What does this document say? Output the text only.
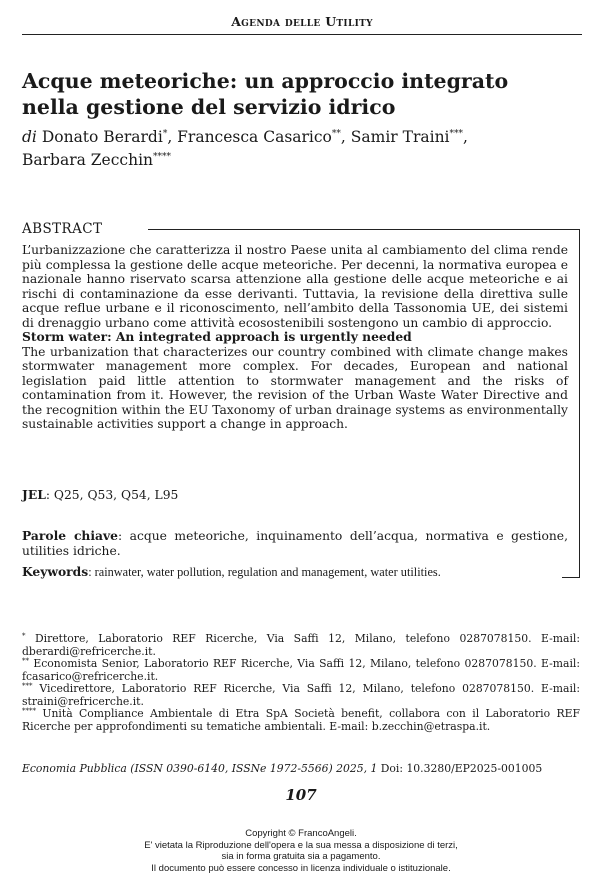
Agenda delle Utility
Acque meteoriche: un approccio integrato
nella gestione del servizio idrico
di Donato Berardi*, Francesca Casarico**, Samir Traini***,
Barbara Zecchin****
ABSTRACT

L’urbanizzazione che caratterizza il nostro Paese unita al cambiamento del clima rende più complessa la gestione delle acque meteoriche. Per decenni, la normativa europea e nazionale hanno riservato scarsa attenzione alla gestione delle acque meteoriche e ai rischi di contaminazione da esse derivanti. Tuttavia, la revisione della direttiva sulle acque reflue urbane e il riconoscimento, nell’ambito della Tassonomia UE, dei sistemi di drenaggio urbano come attività ecosostenibili sostengono un cambio di approccio.
Storm water: An integrated approach is urgently needed
The urbanization that characterizes our country combined with climate change makes stormwater management more complex. For decades, European and national legislation paid little attention to stormwater management and the risks of contamination from it. However, the revision of the Urban Waste Water Directive and the recognition within the EU Taxonomy of urban drainage systems as environmentally sustainable activities support a change in approach.

JEL: Q25, Q53, Q54, L95
Parole chiave: acque meteoriche, inquinamento dell’acqua, normativa e gestione, utilities idriche.
Keywords: rainwater, water pollution, regulation and management, water utilities.

* Direttore, Laboratorio REF Ricerche, Via Saffi 12, Milano, telefono 0287078150. E-mail: dberardi@refricerche.it.

** Economista Senior, Laboratorio REF Ricerche, Via Saffi 12, Milano, telefono 0287078150. E-mail: fcasarico@refricerche.it.

*** Vicedirettore, Laboratorio REF Ricerche, Via Saffi 12, Milano, telefono 0287078150. E-mail: straini@refricerche.it.

**** Unità Compliance Ambientale di Etra SpA Società benefit, collabora con il Laboratorio REF Ricerche per approfondimenti su tematiche ambientali. E-mail: b.zecchin@etraspa.it.

Economia Pubblica (ISSN 0390-6140, ISSNe 1972-5566) 2025, 1 Doi: 10.3280/EP2025-001005
107
Copyright © FrancoAngeli.
E' vietata la Riproduzione dell'opera e la sua messa a disposizione di terzi,
sia in forma gratuita sia a pagamento.
Il documento può essere concesso in licenza individuale o istituzionale.
